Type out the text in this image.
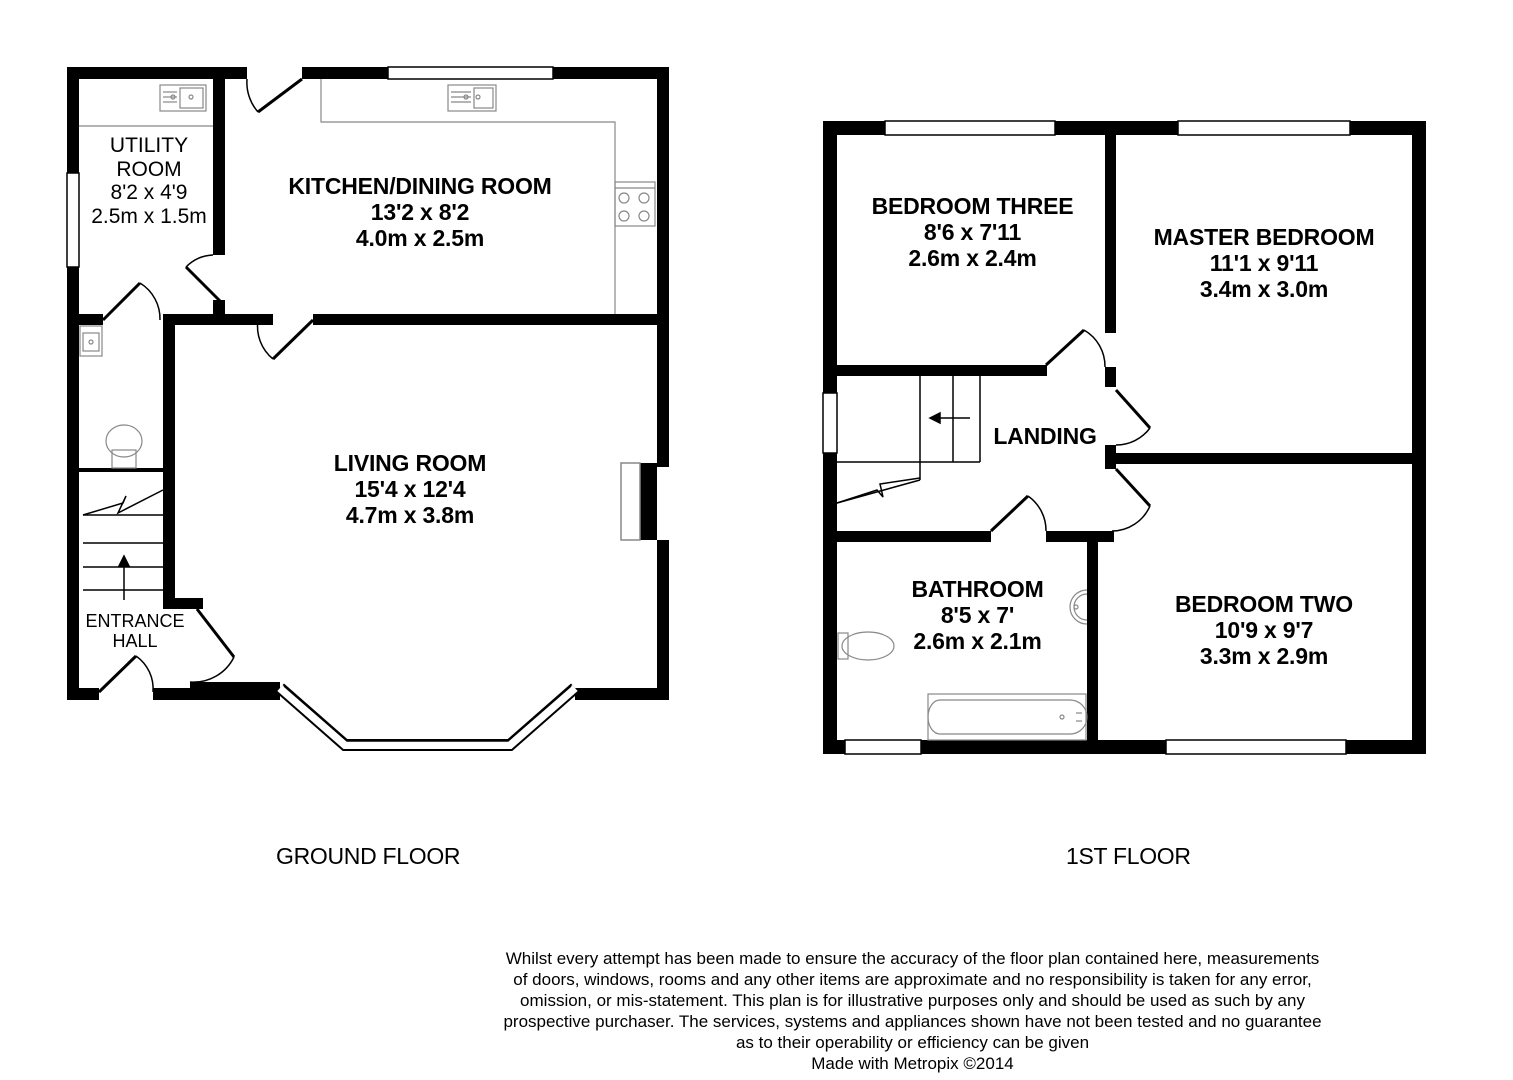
UTILITY
ROOM
8'2 x 4'9
2.5m x 1.5m
KITCHEN/DINING ROOM
13'2 x 8'2
4.0m x 2.5m
LIVING ROOM
15'4 x 12'4
4.7m x 3.8m
ENTRANCE
HALL
GROUND FLOOR
BEDROOM THREE
8'6 x 7'11
2.6m x 2.4m
MASTER BEDROOM
11'1 x 9'11
3.4m x 3.0m
LANDING
BATHROOM
8'5 x 7'
2.6m x 2.1m
BEDROOM TWO
10'9 x 9'7
3.3m x 2.9m
1ST FLOOR
Whilst every attempt has been made to ensure the accuracy of the floor plan contained here, measurements
of doors, windows, rooms and any other items are approximate and no responsibility is taken for any error,
omission, or mis-statement. This plan is for illustrative purposes only and should be used as such by any
prospective purchaser. The services, systems and appliances shown have not been tested and no guarantee
as to their operability or efficiency can be given
Made with Metropix ©2014
